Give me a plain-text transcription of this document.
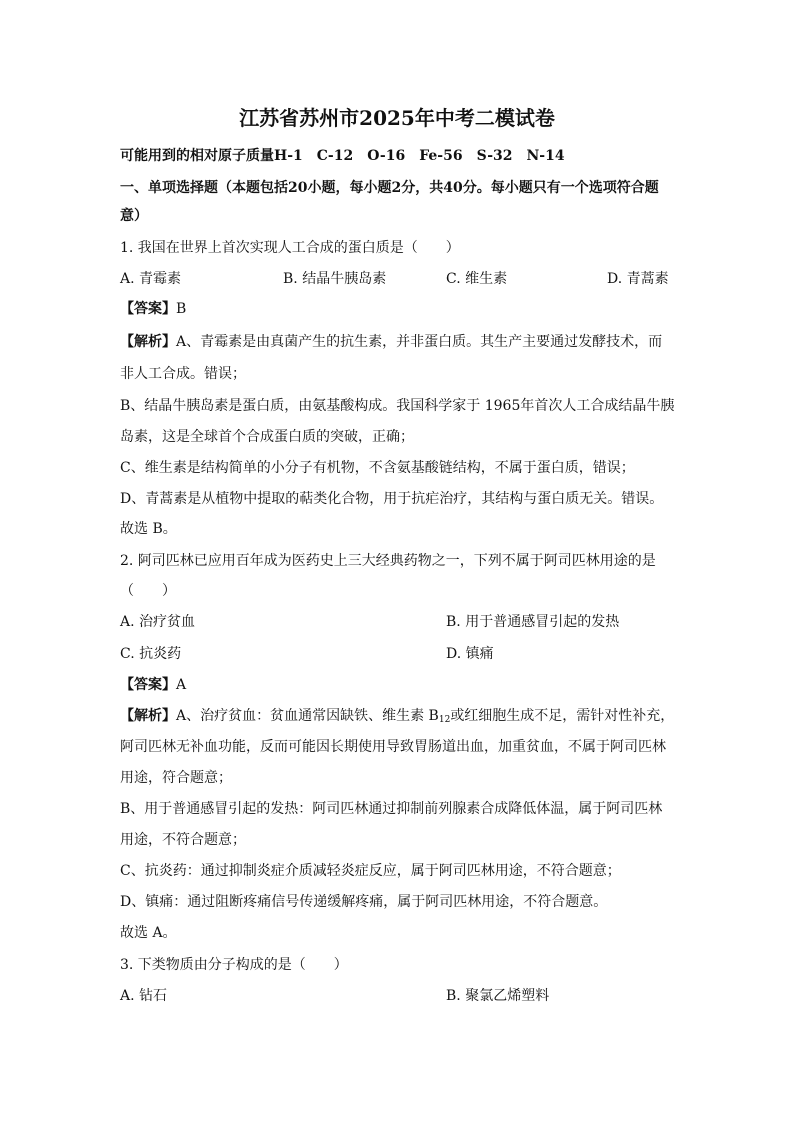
江苏省苏州市2025年中考二模试卷
可能用到的相对原子质量H-1　C-12　O-16　Fe-56　S-32　N-14
一、单项选择题（本题包括20小题，每小题2分，共40分。每小题只有一个选项符合题
意）
1. 我国在世界上首次实现人工合成的蛋白质是（　　）
A. 青霉素	B. 结晶牛胰岛素	C. 维生素	D. 青蒿素
【答案】B
【解析】A、青霉素是由真菌产生的抗生素，并非蛋白质。其生产主要通过发酵技术，而
非人工合成。错误；
B、结晶牛胰岛素是蛋白质，由氨基酸构成。我国科学家于 1965年首次人工合成结晶牛胰
岛素，这是全球首个合成蛋白质的突破，正确；
C、维生素是结构简单的小分子有机物，不含氨基酸链结构，不属于蛋白质，错误；
D、青蒿素是从植物中提取的萜类化合物，用于抗疟治疗，其结构与蛋白质无关。错误。
故选 B。
2. 阿司匹林已应用百年成为医药史上三大经典药物之一，下列不属于阿司匹林用途的是
（　　）
A. 治疗贫血	B. 用于普通感冒引起的发热
C. 抗炎药	D. 镇痛
【答案】A
【解析】A、治疗贫血：贫血通常因缺铁、维生素 $B_{12}$或红细胞生成不足，需针对性补充，
阿司匹林无补血功能，反而可能因长期使用导致胃肠道出血，加重贫血，不属于阿司匹林
用途，符合题意；
B、用于普通感冒引起的发热：阿司匹林通过抑制前列腺素合成降低体温，属于阿司匹林
用途，不符合题意；
C、抗炎药：通过抑制炎症介质减轻炎症反应，属于阿司匹林用途，不符合题意；
D、镇痛：通过阻断疼痛信号传递缓解疼痛，属于阿司匹林用途，不符合题意。
故选 A。
3. 下类物质由分子构成的是（　　）
A. 钻石	B. 聚氯乙烯塑料
